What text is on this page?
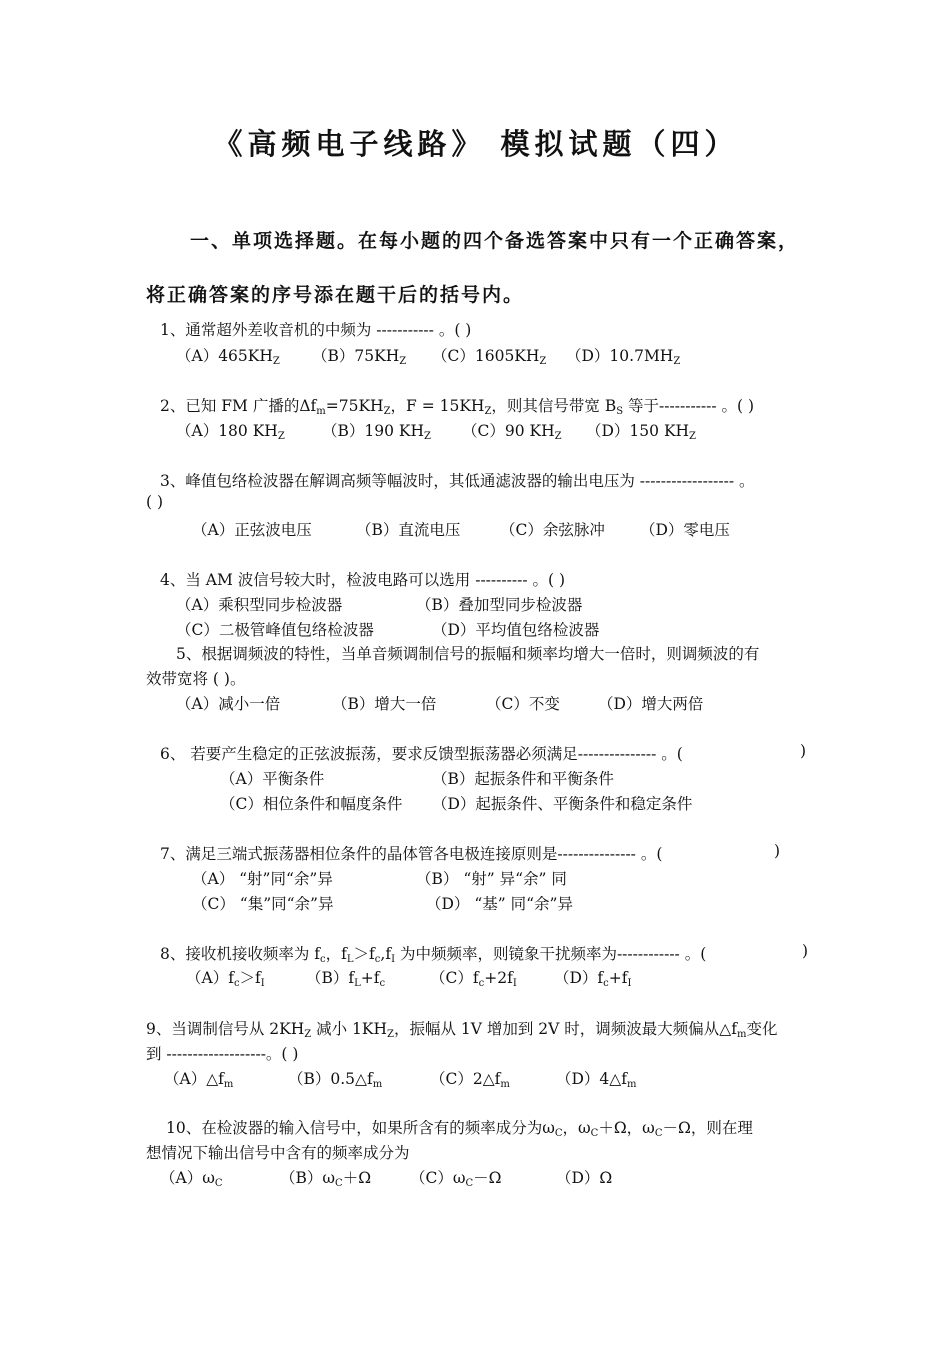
《高频电子线路》 模拟试题（四）
一、单项选择题。在每小题的四个备选答案中只有一个正确答案，
将正确答案的序号添在题干后的括号内。
1、通常超外差收音机的中频为 ----------- 。( )
$(A)465KH_Z$ $(B)75KH_Z$ $(C)1605KH_Z$ $(D)10.7MH_Z$
2、已知 FM 广播的$\Delta f_m=75KH_Z$，$F = 15KH_Z$，则其信号带宽 $B_S$ 等于----------- 。( )
（A）180 $KH_Z$ （B）190 $KH_Z$ （C）90 $KH_Z$ （D）150 $KH_Z$
3、峰值包络检波器在解调高频等幅波时，其低通滤波器的输出电压为 ------------------ 。
( )
（A）正弦波电压	（B）直流电压	（C）余弦脉冲 （D）零电压
4、当 AM 波信号较大时，检波电路可以选用 ---------- 。( )
（A）乘积型同步检波器	（B）叠加型同步检波器
（C）二极管峰值包络检波器	（D）平均值包络检波器
5、根据调频波的特性，当单音频调制信号的振幅和频率均增大一倍时，则调频波的有
效带宽将 ( )。
（A）减小一倍	（B）增大一倍	（C）不变 （D）增大两倍
6、 若要产生稳定的正弦波振荡，要求反馈型振荡器必须满足--------------- 。(	)
（A）平衡条件	（B）起振条件和平衡条件
（C）相位条件和幅度条件 （D）起振条件、平衡条件和稳定条件
7、满足三端式振荡器相位条件的晶体管各电极连接原则是--------------- 。(	)
（A） “射”同“余”异	（B） “射” 异“余” 同
（C） “集”同“余”异	（D） “基” 同“余”异
8、接收机接收频率为 $f_c$，$f_L>f_c,f_I$ 为中频频率，则镜象干扰频率为------------ 。(	)
$(A)f_c>f_I$	$(B)f_L+f_c$	$(C)f_c+2f_I$ $(D)f_c+f_I$
9、当调制信号从 $2KH_Z$ 减小 $1KH_Z$，振幅从 1V 增加到 2V 时，调频波最大频偏从$\triangle f_m$变化
到 -------------------。( )
$(A)\triangle f_m$	$(B)0.5\triangle f_m$	$(C)2\triangle f_m$	$(D)4\triangle f_m$
10、在检波器的输入信号中，如果所含有的频率成分为$\omega_C$，$\omega_C+\Omega$，$\omega_C-\Omega$，则在理
想情况下输出信号中含有的频率成分为
$(A)\omega_C$	$(B)\omega_C+\Omega$	$(C)\omega_C-\Omega$	（D）Ω
